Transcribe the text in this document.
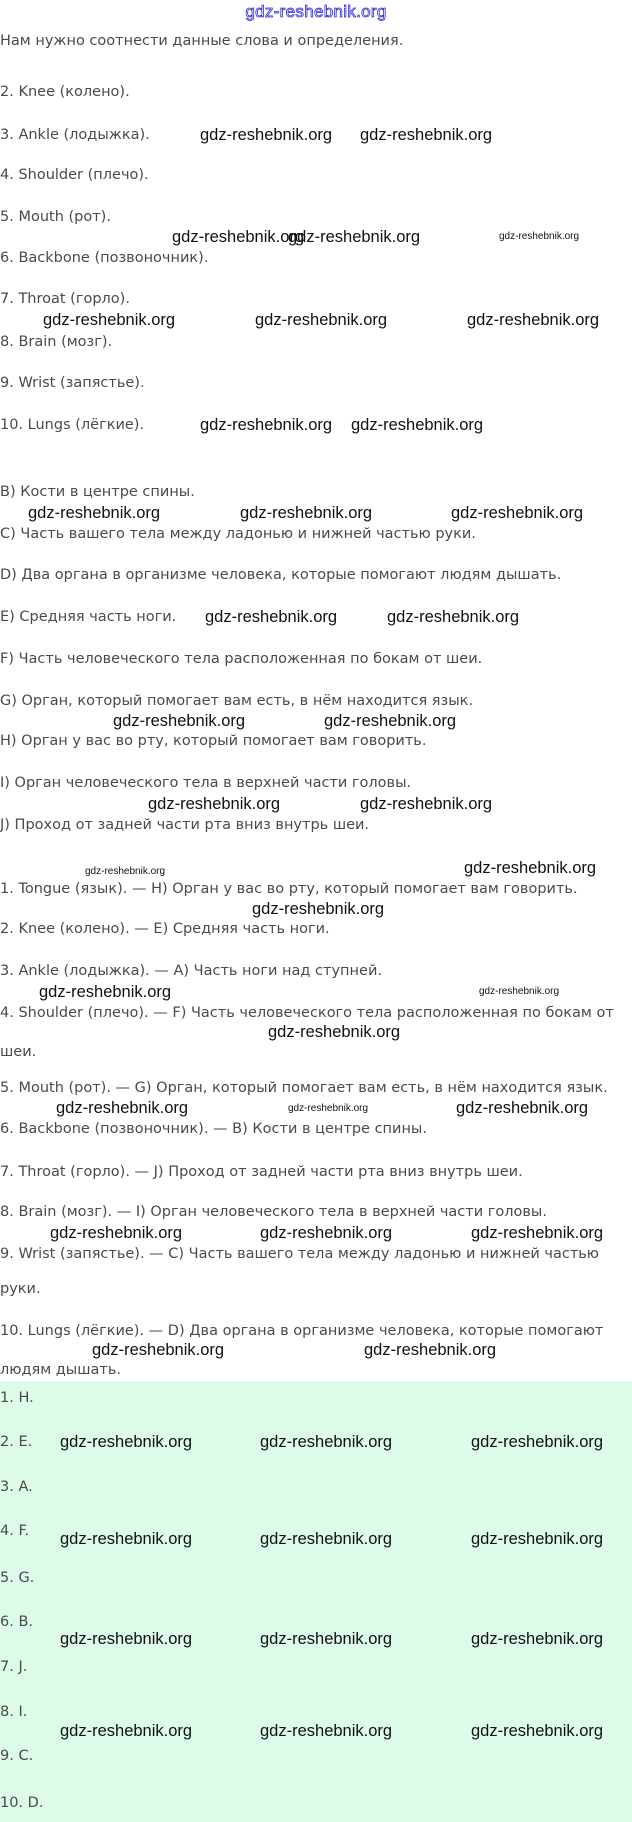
gdz-reshebnik.org
Нам нужно соотнести данные слова и определения.
2. Knee (колено).
3. Ankle (лодыжка).
4. Shoulder (плечо).
5. Mouth (рот).
6. Backbone (позвоночник).
7. Throat (горло).
8. Brain (мозг).
9. Wrist (запястье).
10. Lungs (лёгкие).
B) Кости в центре спины.
C) Часть вашего тела между ладонью и нижней частью руки.
D) Два органа в организме человека, которые помогают людям дышать.
E) Средняя часть ноги.
F) Часть человеческого тела расположенная по бокам от шеи.
G) Орган, который помогает вам есть, в нём находится язык.
H) Орган у вас во рту, который помогает вам говорить.
I) Орган человеческого тела в верхней части головы.
J) Проход от задней части рта вниз внутрь шеи.
1. Tongue (язык). — H) Орган у вас во рту, который помогает вам говорить.
2. Knee (колено). — E) Средняя часть ноги.
3. Ankle (лодыжка). — A) Часть ноги над ступней.
4. Shoulder (плечо). — F) Часть человеческого тела расположенная по бокам от
шеи.
5. Mouth (рот). — G) Орган, который помогает вам есть, в нём находится язык.
6. Backbone (позвоночник). — B) Кости в центре спины.
7. Throat (горло). — J) Проход от задней части рта вниз внутрь шеи.
8. Brain (мозг). — I) Орган человеческого тела в верхней части головы.
9. Wrist (запястье). — C) Часть вашего тела между ладонью и нижней частью
руки.
10. Lungs (лёгкие). — D) Два органа в организме человека, которые помогают
людям дышать.
1. H.
2. E.
3. A.
4. F.
5. G.
6. B.
7. J.
8. I.
9. C.
10. D.
gdz-reshebnik.org gdz-reshebnik.org
gdz-reshebnik.org
gdz-reshebnik.org	gdz-reshebnik.org
gdz-reshebnik.org	gdz-reshebnik.org	gdz-reshebnik.org
gdz-reshebnik.org gdz-reshebnik.org
gdz-reshebnik.org	gdz-reshebnik.org	gdz-reshebnik.org
gdz-reshebnik.org	gdz-reshebnik.org
gdz-reshebnik.org	gdz-reshebnik.org
gdz-reshebnik.org	gdz-reshebnik.org
gdz-reshebnik.org	gdz-reshebnik.org
gdz-reshebnik.org
gdz-reshebnik.org	gdz-reshebnik.org
gdz-reshebnik.org
gdz-reshebnik.org	gdz-reshebnik.org	gdz-reshebnik.org
gdz-reshebnik.org	gdz-reshebnik.org	gdz-reshebnik.org
gdz-reshebnik.org	gdz-reshebnik.org
gdz-reshebnik.org	gdz-reshebnik.org	gdz-reshebnik.org
gdz-reshebnik.org	gdz-reshebnik.org	gdz-reshebnik.org
gdz-reshebnik.org	gdz-reshebnik.org	gdz-reshebnik.org
gdz-reshebnik.org	gdz-reshebnik.org	gdz-reshebnik.org
